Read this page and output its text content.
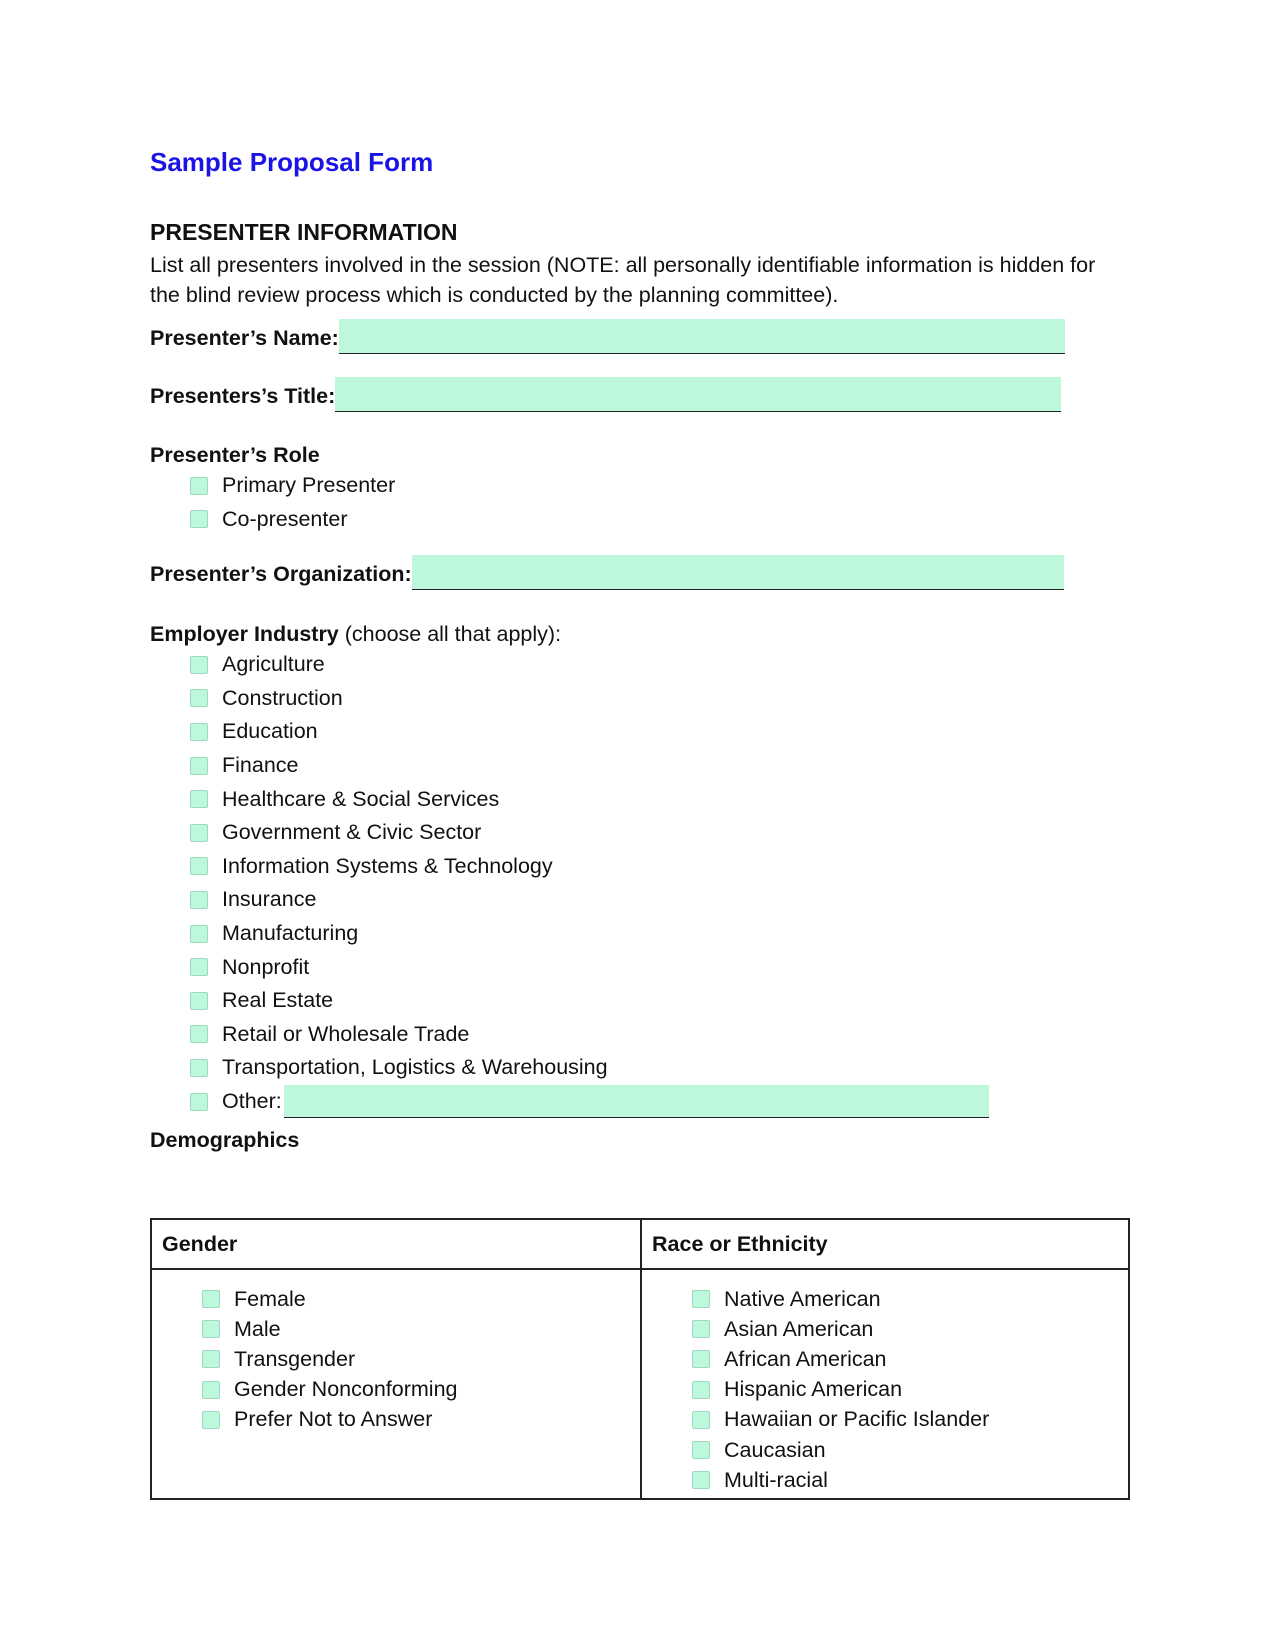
Sample Proposal Form
PRESENTER INFORMATION

List all presenters involved in the session (NOTE: all personally identifiable information is hidden for the blind review process which is conducted by the planning committee).

Presenter’s Name:
Presenters’s Title:
Presenter’s Role
Primary Presenter
Co-presenter
Presenter’s Organization:
Employer Industry (choose all that apply):
Agriculture
Construction
Education
Finance
Healthcare & Social Services
Government & Civic Sector
Information Systems & Technology
Insurance
Manufacturing
Nonprofit
Real Estate
Retail or Wholesale Trade
Transportation, Logistics & Warehousing
Other:
Demographics
Gender	Race or Ethnicity
Female
Male
Transgender
Gender Nonconforming
Prefer Not to Answer
Native American
Asian American
African American
Hispanic American
Hawaiian or Pacific Islander
Caucasian
Multi-racial
